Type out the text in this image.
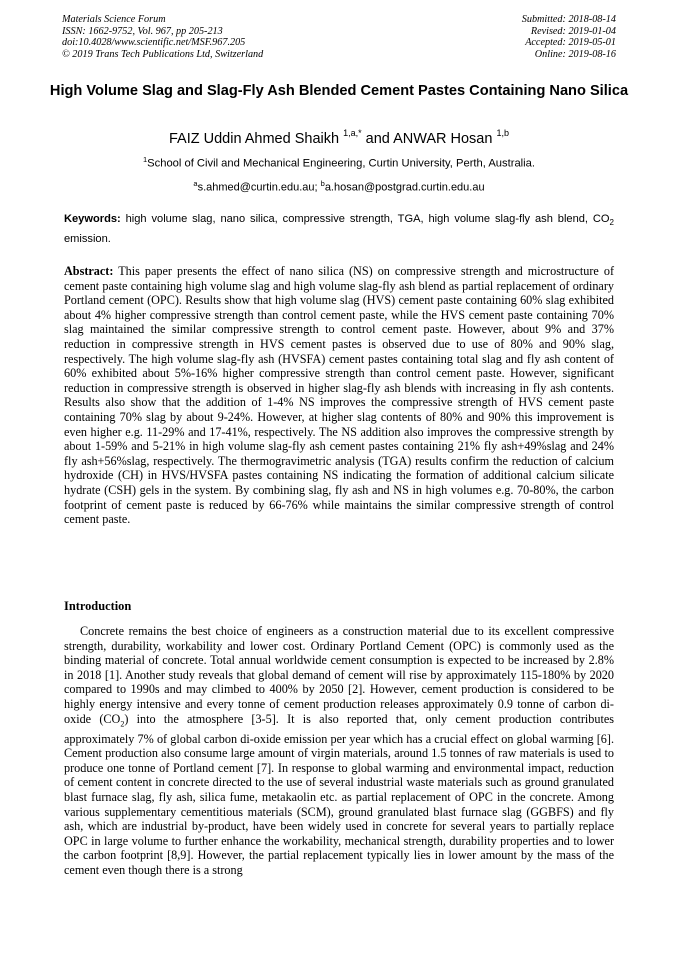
Materials Science Forum
ISSN: 1662-9752, Vol. 967, pp 205-213
doi:10.4028/www.scientific.net/MSF.967.205
© 2019 Trans Tech Publications Ltd, Switzerland
Submitted: 2018-08-14
Revised: 2019-01-04
Accepted: 2019-05-01
Online: 2019-08-16
High Volume Slag and Slag-Fly Ash Blended Cement Pastes Containing Nano Silica
FAIZ Uddin Ahmed Shaikh $^{1,a,*}$ and ANWAR Hosan $^{1,b}$
$^1$School of Civil and Mechanical Engineering, Curtin University, Perth, Australia.
$^a$s.ahmed@curtin.edu.au; $^b$a.hosan@postgrad.curtin.edu.au
Keywords: high volume slag, nano silica, compressive strength, TGA, high volume slag-fly ash blend, $CO_2$ emission.
Abstract: This paper presents the effect of nano silica (NS) on compressive strength and microstructure of cement paste containing high volume slag and high volume slag-fly ash blend as partial replacement of ordinary Portland cement (OPC). Results show that high volume slag (HVS) cement paste containing 60% slag exhibited about 4% higher compressive strength than control cement paste, while the HVS cement paste containing 70% slag maintained the similar compressive strength to control cement paste. However, about 9% and 37% reduction in compressive strength in HVS cement pastes is observed due to use of 80% and 90% slag, respectively. The high volume slag-fly ash (HVSFA) cement pastes containing total slag and fly ash content of 60% exhibited about 5%-16% higher compressive strength than control cement paste. However, significant reduction in compressive strength is observed in higher slag-fly ash blends with increasing in fly ash contents. Results also show that the addition of 1-4% NS improves the compressive strength of HVS cement paste containing 70% slag by about 9-24%. However, at higher slag contents of 80% and 90% this improvement is even higher e.g. 11-29% and 17-41%, respectively. The NS addition also improves the compressive strength by about 1-59% and 5-21% in high volume slag-fly ash cement pastes containing 21% fly ash+49%slag and 24% fly ash+56%slag, respectively. The thermogravimetric analysis (TGA) results confirm the reduction of calcium hydroxide (CH) in HVS/HVSFA pastes containing NS indicating the formation of additional calcium silicate hydrate (CSH) gels in the system. By combining slag, fly ash and NS in high volumes e.g. 70-80%, the carbon footprint of cement paste is reduced by 66-76% while maintains the similar compressive strength of control cement paste.
Introduction
Concrete remains the best choice of engineers as a construction material due to its excellent compressive strength, durability, workability and lower cost. Ordinary Portland Cement (OPC) is commonly used as the binding material of concrete. Total annual worldwide cement consumption is expected to be increased by 2.8% in 2018 [1]. Another study reveals that global demand of cement will rise by approximately 115-180% by 2020 compared to 1990s and may climbed to 400% by 2050 [2]. However, cement production is considered to be highly energy intensive and every tonne of cement production releases approximately 0.9 tonne of carbon di-oxide $(CO_2)$ into the atmosphere [3-5]. It is also reported that, only cement production contributes approximately 7% of global carbon di-oxide emission per year which has a crucial effect on global warming [6]. Cement production also consume large amount of virgin materials, around 1.5 tonnes of raw materials is used to produce one tonne of Portland cement [7]. In response to global warming and environmental impact, reduction of cement content in concrete directed to the use of several industrial waste materials such as ground granulated blast furnace slag, fly ash, silica fume, metakaolin etc. as partial replacement of OPC in the concrete. Among various supplementary cementitious materials (SCM), ground granulated blast furnace slag (GGBFS) and fly ash, which are industrial by-product, have been widely used in concrete for several years to partially replace OPC in large volume to further enhance the workability, mechanical strength, durability properties and to lower the carbon footprint [8,9]. However, the partial replacement typically lies in lower amount by the mass of the cement even though there is a strong
